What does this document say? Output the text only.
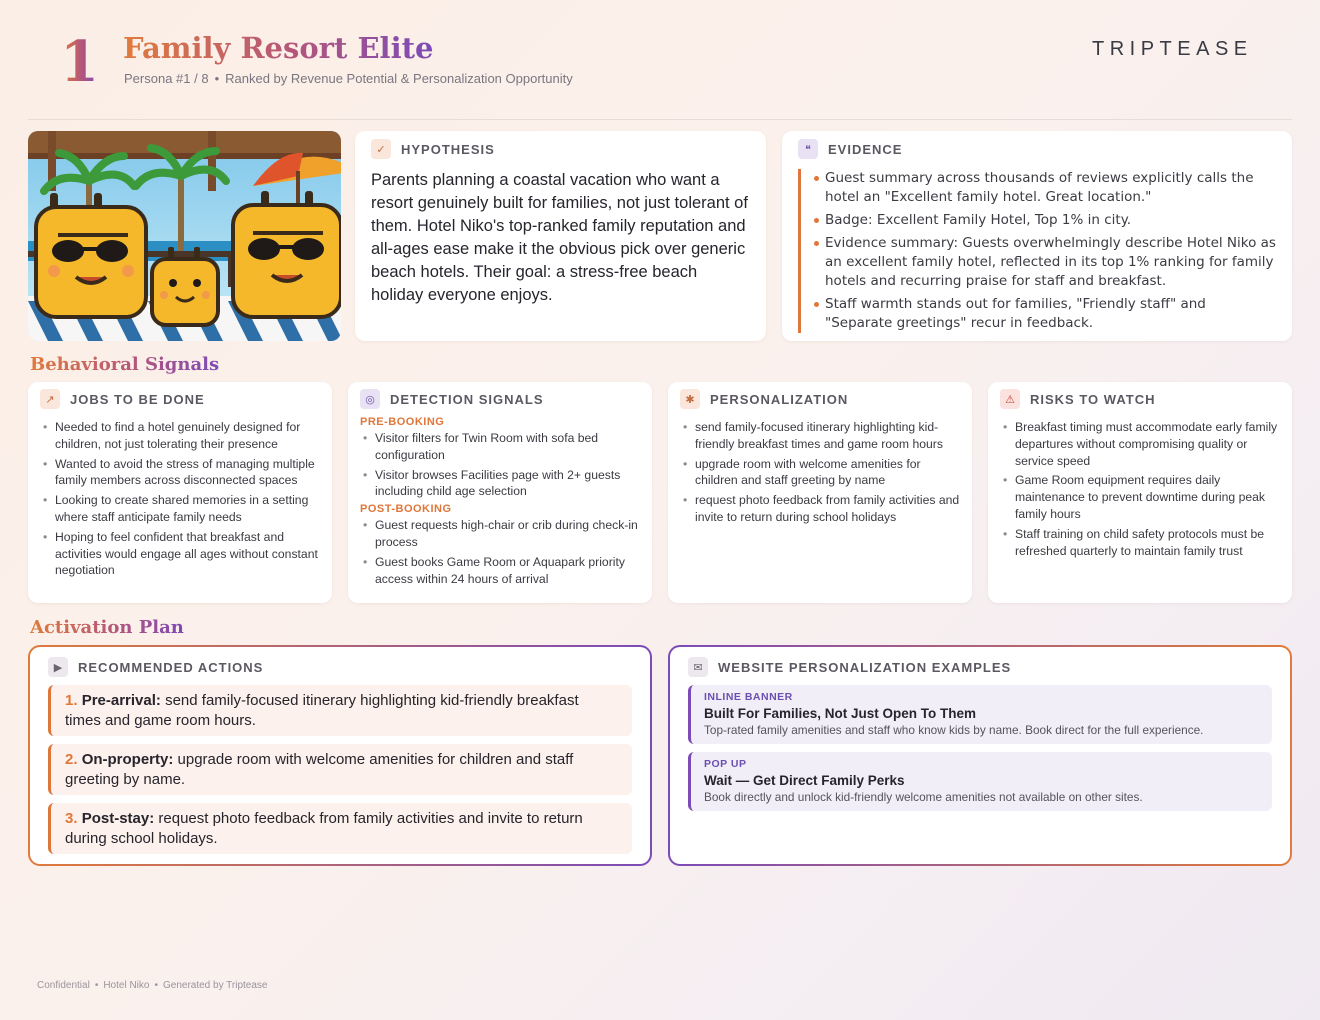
1 Family Resort Elite
Persona #1 / 8 • Ranked by Revenue Potential & Personalization Opportunity
TRIPTEASE
✓	HYPOTHESIS
Parents planning a coastal vacation who want a resort genuinely built for families, not just tolerant of them. Hotel Niko's top-ranked family reputation and all-ages ease make it the obvious pick over generic beach hotels. Their goal: a stress-free beach holiday everyone enjoys.
❝	EVIDENCE
Guest summary across thousands of reviews explicitly calls the hotel an "Excellent family hotel. Great location."
Badge: Excellent Family Hotel, Top 1% in city.
Evidence summary: Guests overwhelmingly describe Hotel Niko as an excellent family hotel, reflected in its top 1% ranking for family hotels and recurring praise for staff and breakfast.
Staff warmth stands out for families, "Friendly staff" and "Separate greetings" recur in feedback.
Behavioral Signals
↗	JOBS TO BE DONE
• Needed to find a hotel genuinely designed for children, not just tolerating their presence
• Wanted to avoid the stress of managing multiple family members across disconnected spaces
• Looking to create shared memories in a setting where staff anticipate family needs
• Hoping to feel confident that breakfast and activities would engage all ages without constant negotiation
◎	DETECTION SIGNALS
PRE-BOOKING
• Visitor filters for Twin Room with sofa bed configuration
• Visitor browses Facilities page with 2+ guests including child age selection
POST-BOOKING
• Guest requests high-chair or crib during check-in process
• Guest books Game Room or Aquapark priority access within 24 hours of arrival
✱	PERSONALIZATION
• send family-focused itinerary highlighting kid-friendly breakfast times and game room hours
• upgrade room with welcome amenities for children and staff greeting by name
• request photo feedback from family activities and invite to return during school holidays
⚠	RISKS TO WATCH
• Breakfast timing must accommodate early family departures without compromising quality or service speed
• Game Room equipment requires daily maintenance to prevent downtime during peak family hours
• Staff training on child safety protocols must be refreshed quarterly to maintain family trust
Activation Plan
▶	RECOMMENDED ACTIONS
1. Pre-arrival: send family-focused itinerary highlighting kid-friendly breakfast times and game room hours.
2. On-property: upgrade room with welcome amenities for children and staff greeting by name.
3. Post-stay: request photo feedback from family activities and invite to return during school holidays.
✉	WEBSITE PERSONALIZATION EXAMPLES
INLINE BANNER
Built For Families, Not Just Open To Them
Top-rated family amenities and staff who know kids by name. Book direct for the full experience.
POP UP
Wait — Get Direct Family Perks
Book directly and unlock kid-friendly welcome amenities not available on other sites.
Confidential • Hotel Niko • Generated by Triptease
